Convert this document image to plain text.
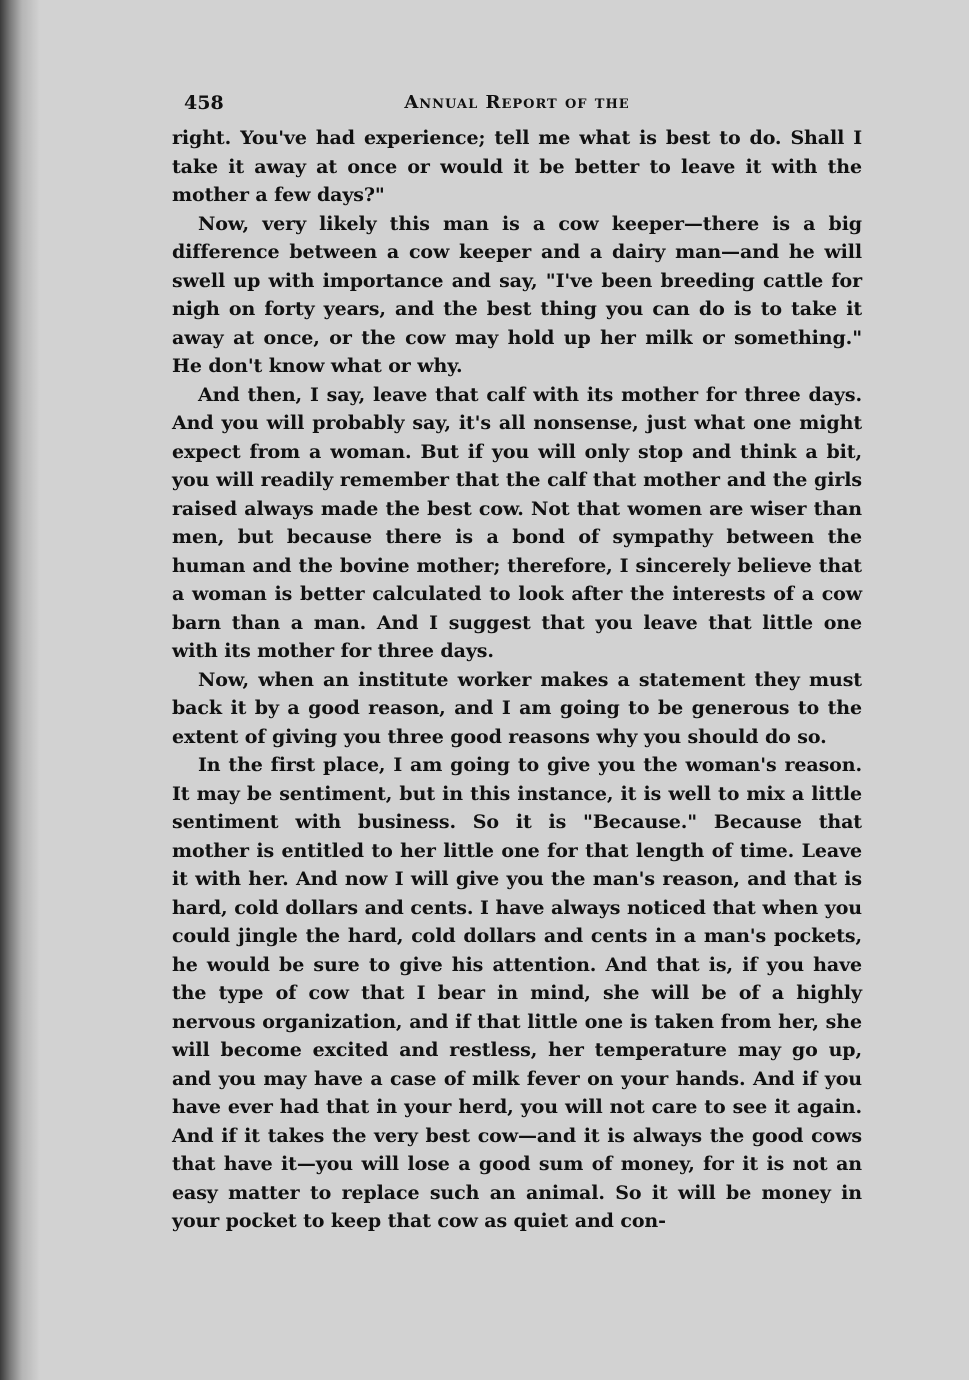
458	Annual Report of the

right. You've had experience; tell me what is best to do. Shall I take it away at once or would it be better to leave it with the mother a few days?"

Now, very likely this man is a cow keeper—there is a big difference between a cow keeper and a dairy man—and he will swell up with importance and say, "I've been breeding cattle for nigh on forty years, and the best thing you can do is to take it away at once, or the cow may hold up her milk or something." He don't know what or why.

And then, I say, leave that calf with its mother for three days. And you will probably say, it's all nonsense, just what one might expect from a woman. But if you will only stop and think a bit, you will readily remember that the calf that mother and the girls raised always made the best cow. Not that women are wiser than men, but because there is a bond of sympathy between the human and the bovine mother; therefore, I sincerely believe that a woman is better calculated to look after the interests of a cow barn than a man. And I suggest that you leave that little one with its mother for three days.

Now, when an institute worker makes a statement they must back it by a good reason, and I am going to be generous to the extent of giving you three good reasons why you should do so.

In the first place, I am going to give you the woman's reason. It may be sentiment, but in this instance, it is well to mix a little sentiment with business. So it is "Because." Because that mother is entitled to her little one for that length of time. Leave it with her. And now I will give you the man's reason, and that is hard, cold dollars and cents. I have always noticed that when you could jingle the hard, cold dollars and cents in a man's pockets, he would be sure to give his attention. And that is, if you have the type of cow that I bear in mind, she will be of a highly nervous organization, and if that little one is taken from her, she will become excited and restless, her temperature may go up, and you may have a case of milk fever on your hands. And if you have ever had that in your herd, you will not care to see it again. And if it takes the very best cow—and it is always the good cows that have it—you will lose a good sum of money, for it is not an easy matter to replace such an animal. So it will be money in your pocket to keep that cow as quiet and con-
